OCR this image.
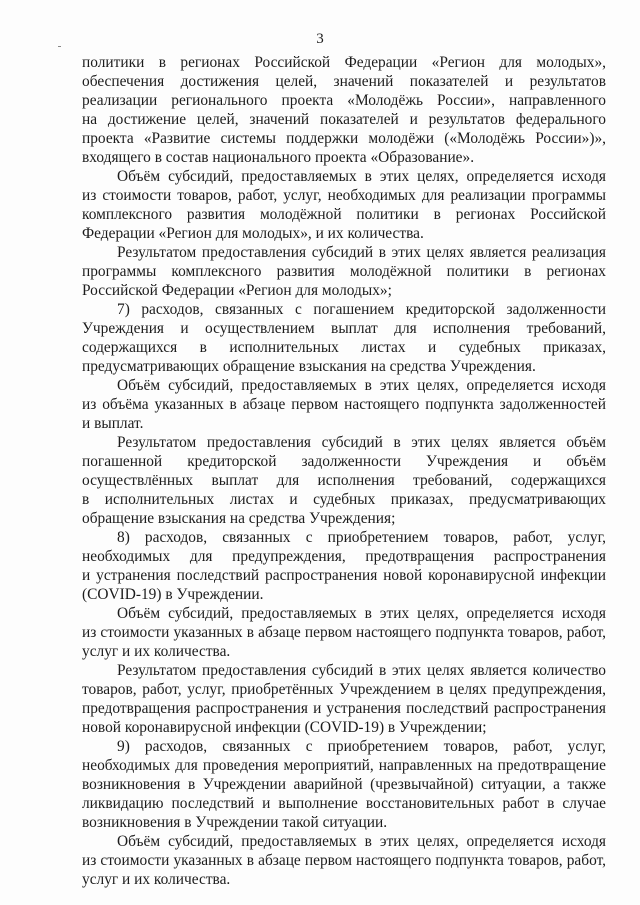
3
политики в регионах Российской Федерации «Регион для молодых»,
обеспечения достижения целей, значений показателей и результатов
реализации регионального проекта «Молодёжь России», направленного
на достижение целей, значений показателей и результатов федерального
проекта «Развитие системы поддержки молодёжи («Молодёжь России»)»,
входящего в состав национального проекта «Образование».
Объём субсидий, предоставляемых в этих целях, определяется исходя
из стоимости товаров, работ, услуг, необходимых для реализации программы
комплексного развития молодёжной политики в регионах Российской
Федерации «Регион для молодых», и их количества.
Результатом предоставления субсидий в этих целях является реализация
программы комплексного развития молодёжной политики в регионах
Российской Федерации «Регион для молодых»;
7) расходов, связанных с погашением кредиторской задолженности
Учреждения и осуществлением выплат для исполнения требований,
содержащихся в исполнительных листах и судебных приказах,
предусматривающих обращение взыскания на средства Учреждения.
Объём субсидий, предоставляемых в этих целях, определяется исходя
из объёма указанных в абзаце первом настоящего подпункта задолженностей
и выплат.
Результатом предоставления субсидий в этих целях является объём
погашенной кредиторской задолженности Учреждения и объём
осуществлённых выплат для исполнения требований, содержащихся
в исполнительных листах и судебных приказах, предусматривающих
обращение взыскания на средства Учреждения;
8) расходов, связанных с приобретением товаров, работ, услуг,
необходимых для предупреждения, предотвращения распространения
и устранения последствий распространения новой коронавирусной инфекции
(COVID-19) в Учреждении.
Объём субсидий, предоставляемых в этих целях, определяется исходя
из стоимости указанных в абзаце первом настоящего подпункта товаров, работ,
услуг и их количества.
Результатом предоставления субсидий в этих целях является количество
товаров, работ, услуг, приобретённых Учреждением в целях предупреждения,
предотвращения распространения и устранения последствий распространения
новой коронавирусной инфекции (COVID-19) в Учреждении;
9) расходов, связанных с приобретением товаров, работ, услуг,
необходимых для проведения мероприятий, направленных на предотвращение
возникновения в Учреждении аварийной (чрезвычайной) ситуации, а также
ликвидацию последствий и выполнение восстановительных работ в случае
возникновения в Учреждении такой ситуации.
Объём субсидий, предоставляемых в этих целях, определяется исходя
из стоимости указанных в абзаце первом настоящего подпункта товаров, работ,
услуг и их количества.
